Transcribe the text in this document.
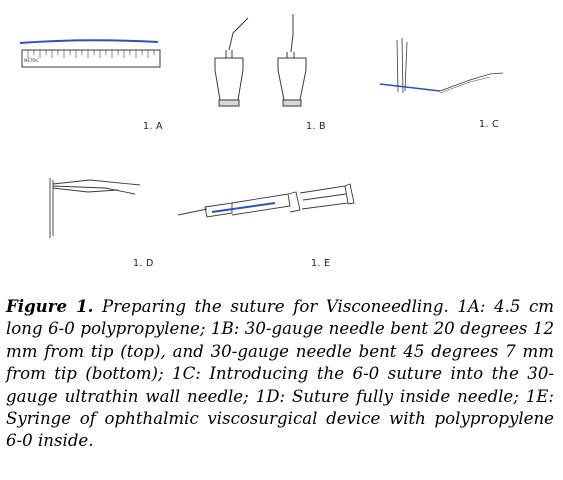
METRIC
1. A	1. B	1. C
1. D	1. E
Figure 1. Preparing the suture for Visconeedling. 1A: 4.5 cm long 6-0 polypropylene; 1B: 30-gauge needle bent 20 degrees 12 mm from tip (top), and 30-gauge needle bent 45 degrees 7 mm from tip (bottom); 1C: Introducing the 6-0 suture into the 30-gauge ultrathin wall needle; 1D: Suture fully inside needle; 1E: Syringe of ophthalmic viscosurgical device with polypropylene 6-0 inside.
